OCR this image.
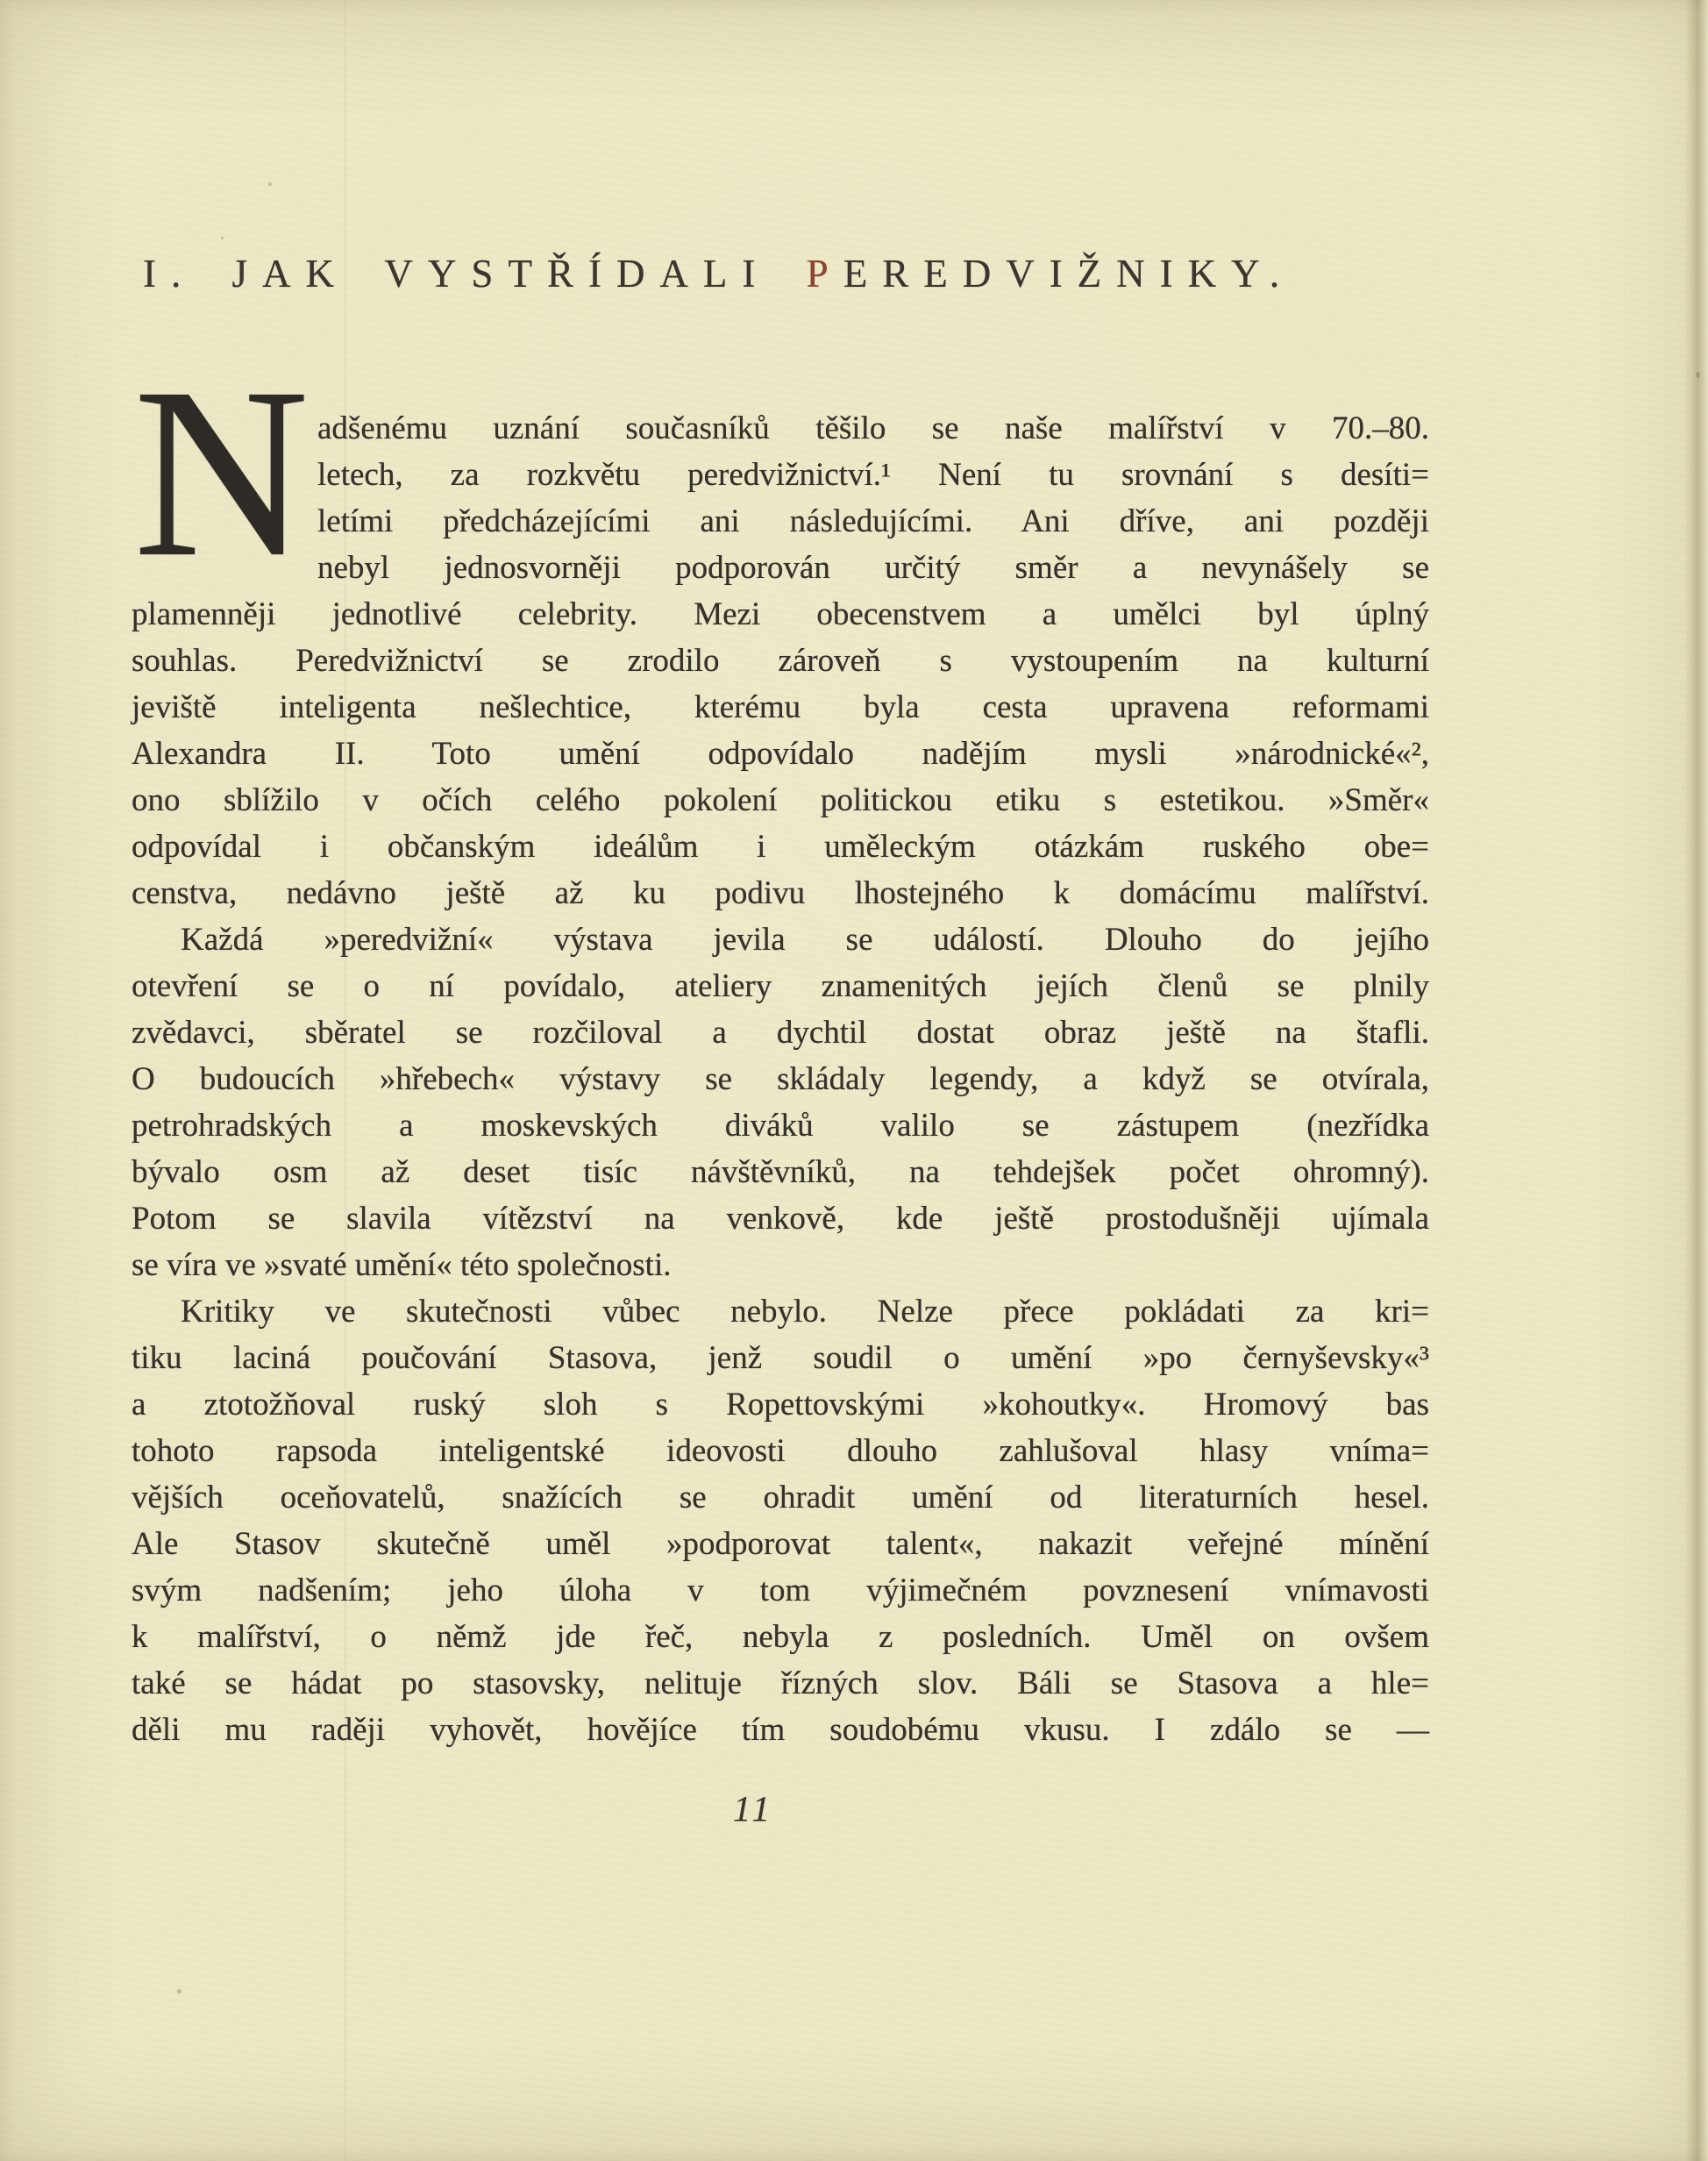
I. JAK VYSTŘÍDALI PEREDVIŽNIKY.
N adšenému uznání současníků těšilo se naše malířství v 70.–80.
letech, za rozkvětu peredvižnictví.¹ Není tu srovnání s desíti=
letími předcházejícími ani následujícími. Ani dříve, ani později
nebyl jednosvorněji podporován určitý směr a nevynášely se
plamenněji jednotlivé celebrity. Mezi obecenstvem a umělci byl úplný
souhlas. Peredvižnictví se zrodilo zároveň s vystoupením na kulturní
jeviště inteligenta nešlechtice, kterému byla cesta upravena reformami
Alexandra II. Toto umění odpovídalo nadějím mysli »národnické«²,
ono sblížilo v očích celého pokolení politickou etiku s estetikou. »Směr«
odpovídal i občanským ideálům i uměleckým otázkám ruského obe=
censtva, nedávno ještě až ku podivu lhostejného k domácímu malířství.
Každá »peredvižní« výstava jevila se událostí. Dlouho do jejího
otevření se o ní povídalo, ateliery znamenitých jejích členů se plnily
zvědavci, sběratel se rozčiloval a dychtil dostat obraz ještě na štafli.
O budoucích »hřebech« výstavy se skládaly legendy, a když se otvírala,
petrohradských a moskevských diváků valilo se zástupem (nezřídka
bývalo osm až deset tisíc návštěvníků, na tehdejšek počet ohromný).
Potom se slavila vítězství na venkově, kde ještě prostodušněji ujímala
se víra ve »svaté umění« této společnosti.
Kritiky ve skutečnosti vůbec nebylo. Nelze přece pokládati za kri=
tiku laciná poučování Stasova, jenž soudil o umění »po černyševsky«³
a ztotožňoval ruský sloh s Ropettovskými »kohoutky«. Hromový bas
tohoto rapsoda inteligentské ideovosti dlouho zahlušoval hlasy vníma=
vějších oceňovatelů, snažících se ohradit umění od literaturních hesel.
Ale Stasov skutečně uměl »podporovat talent«, nakazit veřejné mínění
svým nadšením; jeho úloha v tom výjimečném povznesení vnímavosti
k malířství, o němž jde řeč, nebyla z posledních. Uměl on ovšem
také se hádat po stasovsky, nelituje řízných slov. Báli se Stasova a hle=
děli mu raději vyhovět, hovějíce tím soudobému vkusu. I zdálo se —
11
